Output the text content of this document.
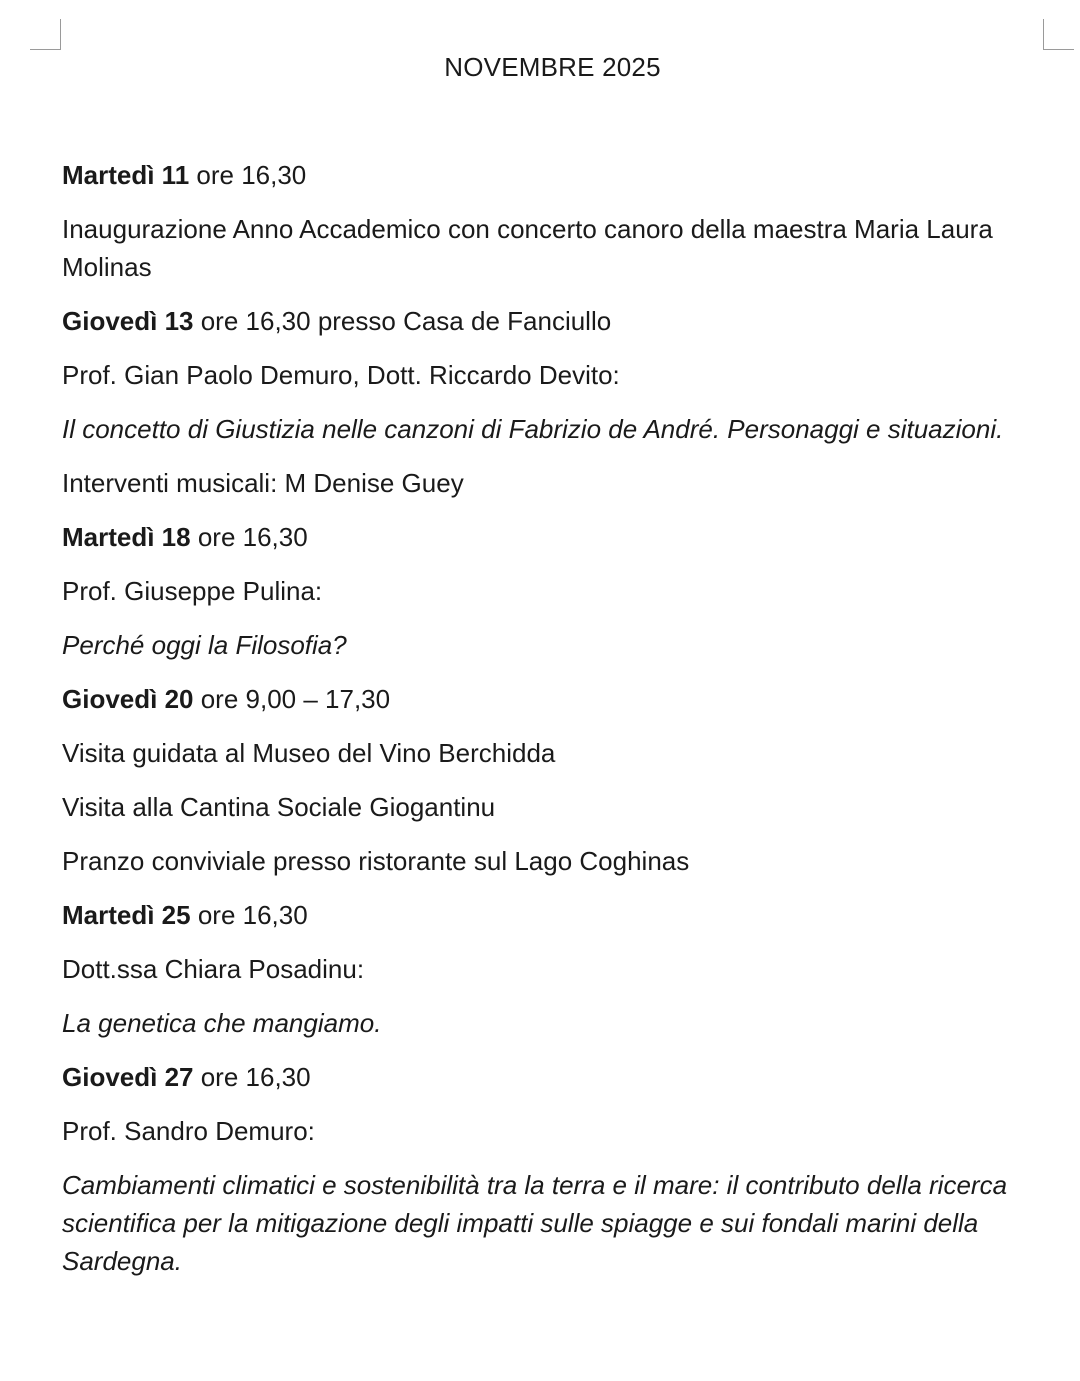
NOVEMBRE 2025

Martedì 11 ore 16,30

Inaugurazione Anno Accademico con concerto canoro della maestra Maria Laura Molinas

Giovedì 13 ore 16,30 presso Casa de Fanciullo

Prof. Gian Paolo Demuro, Dott. Riccardo Devito:

Il concetto di Giustizia nelle canzoni di Fabrizio de André. Personaggi e situazioni.

Interventi musicali: M Denise Guey

Martedì 18 ore 16,30

Prof. Giuseppe Pulina:

Perché oggi la Filosofia?

Giovedì 20 ore 9,00 – 17,30

Visita guidata al Museo del Vino Berchidda

Visita alla Cantina Sociale Giogantinu

Pranzo conviviale presso ristorante sul Lago Coghinas

Martedì 25 ore 16,30

Dott.ssa Chiara Posadinu:

La genetica che mangiamo.

Giovedì 27 ore 16,30

Prof. Sandro Demuro:

Cambiamenti climatici e sostenibilità tra la terra e il mare: il contributo della ricerca scientifica per la mitigazione degli impatti sulle spiagge e sui fondali marini della Sardegna.
